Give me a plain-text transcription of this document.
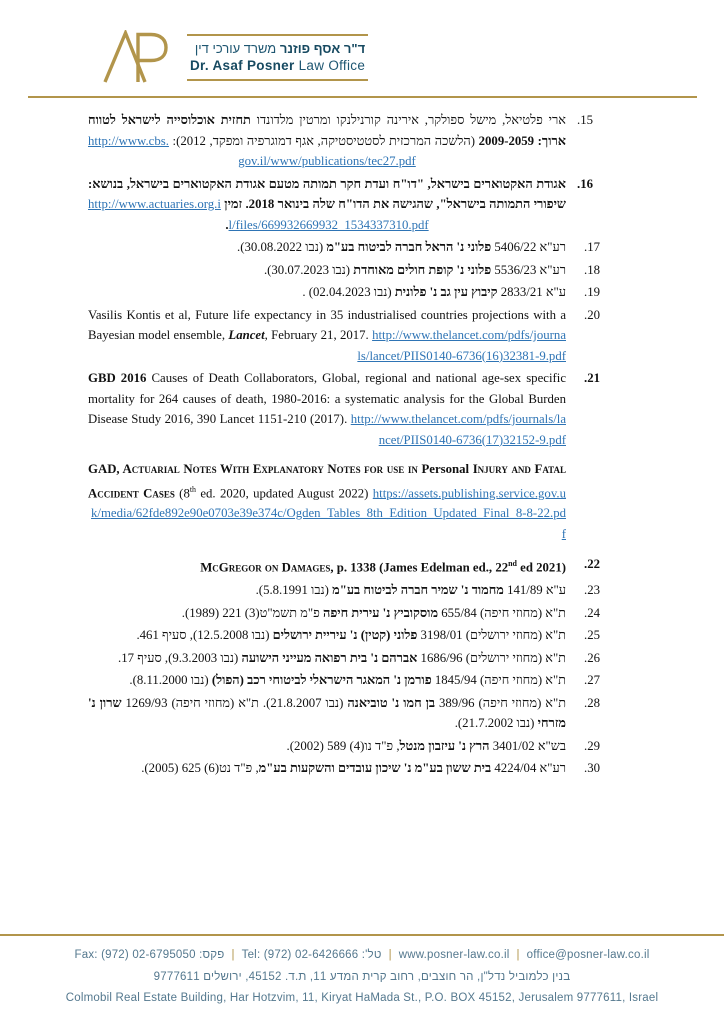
ד"ר אסף פוזנר משרד עורכי דין
Dr. Asaf Posner Law Office
15.
ארי פלטיאל, מישל ספולקר, אירינה קורנילנקו ומרטין מלדונדו תחזית אוכלוסייה לישראל לטווח ארוך: 2009-2059 (הלשכה המרכזית לסטטיסטיקה, אגף דמוגרפיה ומפקד, 2012): http://www.cbs.gov.il/www/publications/tec27.pdf
16.
אגודת האקטוארים בישראל, "דו"ח ועדת חקר תמותה מטעם אגודת האקטוארים בישראל, בנושא: שיפורי התמותה בישראל", שהגישה את הדו"ח שלה בינואר 2018. זמין http://www.actuaries.org.il/files/669932669932_1534337310.pdf.
17.
רע"א 5406/22 פלוני נ' הראל חברה לביטוח בע"מ (נבו 30.08.2022).
18.
רע"א 5536/23 פלוני נ' קופת חולים מאוחדת (נבו 30.07.2023).
19.
ע"א 2833/21 קיבוץ עין גב נ' פלונית (נבו 02.04.2023) .
20.
Vasilis Kontis et al, Future life expectancy in 35 industrialised countries projections with a Bayesian model ensemble, Lancet, February 21, 2017. http://www.thelancet.com/pdfs/journals/lancet/PIIS0140-6736(16)32381-9.pdf
21.
GBD 2016 Causes of Death Collaborators, Global, regional and national age-sex specific mortality for 264 causes of death, 1980-2016: a systematic analysis for the Global Burden Disease Study 2016, 390 Lancet 1151-210 (2017). http://www.thelancet.com/pdfs/journals/lancet/PIIS0140-6736(17)32152-9.pdf
GAD, Actuarial Notes With Explanatory Notes for use in Personal Injury and Fatal Accident Cases (8th ed. 2020, updated August 2022) https://assets.publishing.service.gov.uk/media/62fde892e90e0703e39e374c/Ogden_Tables_8th_Edition_Updated_Final_8-8-22.pdf
22.
McGregor on Damages, p. 1338 (James Edelman ed., 22nd ed 2021)
23.
ע"א 141/89 מחמוד נ' שמיר חברה לביטוח בע"מ (נבו 5.8.1991).
24.
ת"א (מחוזי חיפה) 655/84 מוסקוביץ נ' עירית חיפה פ"מ תשמ"ט(3) 221 (1989).
25.
ת"א (מחוזי ירושלים) 3198/01 פלוני (קטין) נ' עיריית ירושלים (נבו 12.5.2008), סעיף 461.
26.
ת"א (מחוזי ירושלים) 1686/96 אברהם נ' בית רפואה מעייני הישועה (נבו 9.3.2003), סעיף 17.
27.
ת"א (מחוזי חיפה) 1845/94 פורמן נ' המאגר הישראלי לביטוחי רכב (הפול) (נבו 8.11.2000).
28.
ת"א (מחוזי חיפה) 389/96 בן חמו נ' טוביאנה (נבו 21.8.2007). ת"א (מחוזי חיפה) 1269/93 שרון נ' מזרחי (נבו 21.7.2002).
29.
בש"א 3401/02 הרץ נ' עיזבון מנטל, פ"ד נו(4) 589 (2002).
30.
רע"א 4224/04 בית ששון בע"מ נ' שיכון עובדים והשקעות בע"מ, פ"ד נט(6) 625 (2005).
Fax: (972) 02-6795050 פקס: | Tel: (972) 02-6426666 טל': | www.posner-law.co.il | office@posner-law.co.il
בנין כלמוביל נדל"ן, הר חוצבים, רחוב קרית המדע 11, ת.ד. 45152, ירושלים 9777611
Colmobil Real Estate Building, Har Hotzvim, 11, Kiryat HaMada St., P.O. BOX 45152, Jerusalem 9777611, Israel
